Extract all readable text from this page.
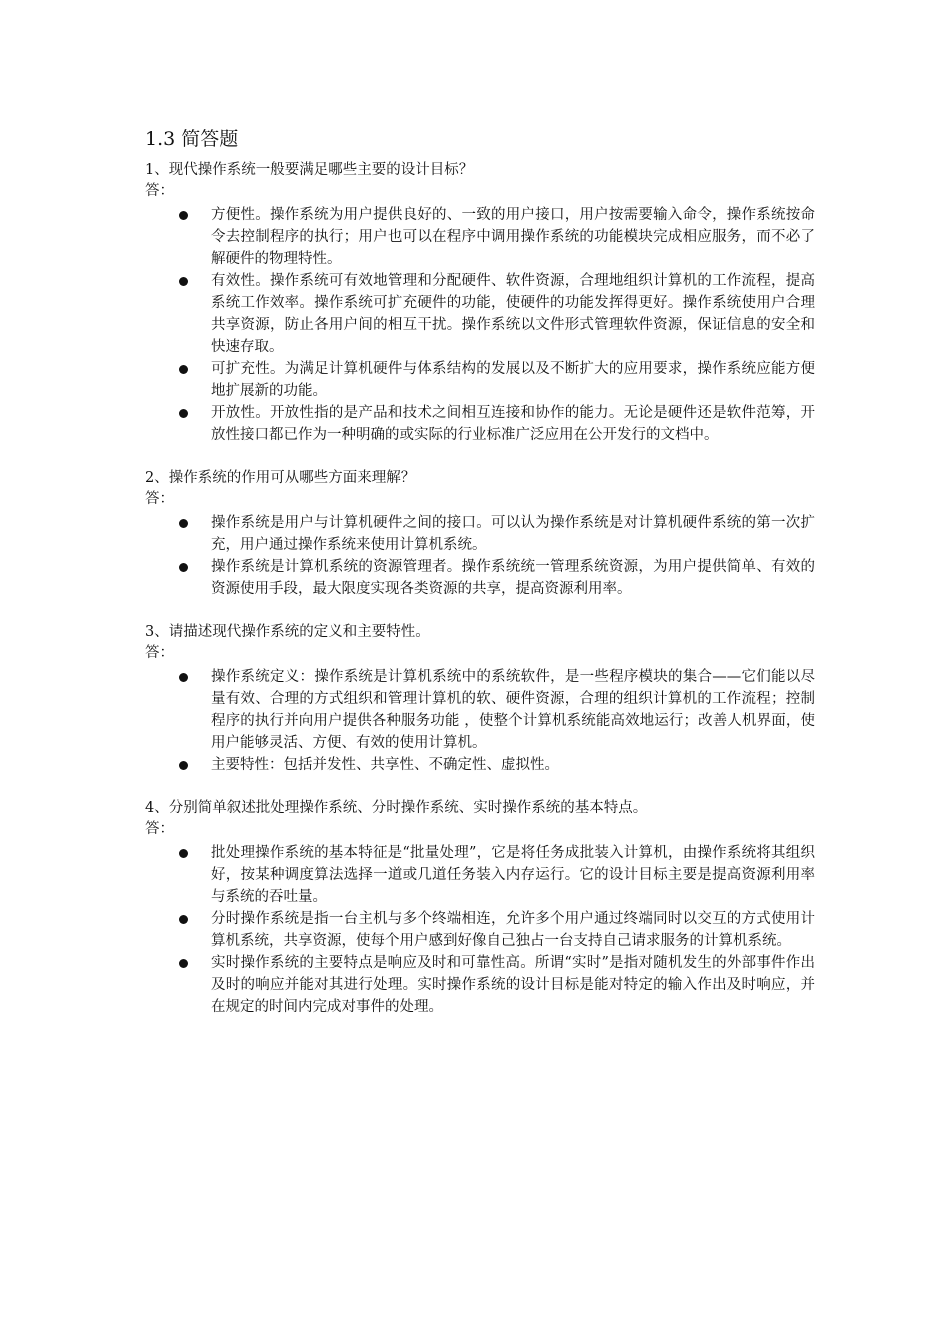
1.3 简答题

1、现代操作系统一般要满足哪些主要的设计目标？

答：

方便性。操作系统为用户提供良好的、一致的用户接口，用户按需要输入命令，操作系统按命令去控制程序的执行；用户也可以在程序中调用操作系统的功能模块完成相应服务，而不必了解硬件的物理特性。
有效性。操作系统可有效地管理和分配硬件、软件资源，合理地组织计算机的工作流程，提高系统工作效率。操作系统可扩充硬件的功能，使硬件的功能发挥得更好。操作系统使用户合理共享资源，防止各用户间的相互干扰。操作系统以文件形式管理软件资源，保证信息的安全和快速存取。
可扩充性。为满足计算机硬件与体系结构的发展以及不断扩大的应用要求，操作系统应能方便地扩展新的功能。
开放性。开放性指的是产品和技术之间相互连接和协作的能力。无论是硬件还是软件范筹，开放性接口都已作为一种明确的或实际的行业标准广泛应用在公开发行的文档中。

2、操作系统的作用可从哪些方面来理解？

答：

操作系统是用户与计算机硬件之间的接口。可以认为操作系统是对计算机硬件系统的第一次扩充，用户通过操作系统来使用计算机系统。
操作系统是计算机系统的资源管理者。操作系统统一管理系统资源，为用户提供简单、有效的资源使用手段，最大限度实现各类资源的共享，提高资源利用率。

3、请描述现代操作系统的定义和主要特性。

答：

操作系统定义：操作系统是计算机系统中的系统软件，是一些程序模块的集合——它们能以尽量有效、合理的方式组织和管理计算机的软、硬件资源，合理的组织计算机的工作流程；控制程序的执行并向用户提供各种服务功能 ，使整个计算机系统能高效地运行；改善人机界面，使用户能够灵活、方便、有效的使用计算机。
主要特性：包括并发性、共享性、不确定性、虚拟性。

4、分别简单叙述批处理操作系统、分时操作系统、实时操作系统的基本特点。

答：

批处理操作系统的基本特征是“批量处理”，它是将任务成批装入计算机，由操作系统将其组织好，按某种调度算法选择一道或几道任务装入内存运行。它的设计目标主要是提高资源利用率与系统的吞吐量。
分时操作系统是指一台主机与多个终端相连，允许多个用户通过终端同时以交互的方式使用计算机系统，共享资源，使每个用户感到好像自己独占一台支持自己请求服务的计算机系统。
实时操作系统的主要特点是响应及时和可靠性高。所谓“实时”是指对随机发生的外部事件作出及时的响应并能对其进行处理。实时操作系统的设计目标是能对特定的输入作出及时响应，并在规定的时间内完成对事件的处理。
